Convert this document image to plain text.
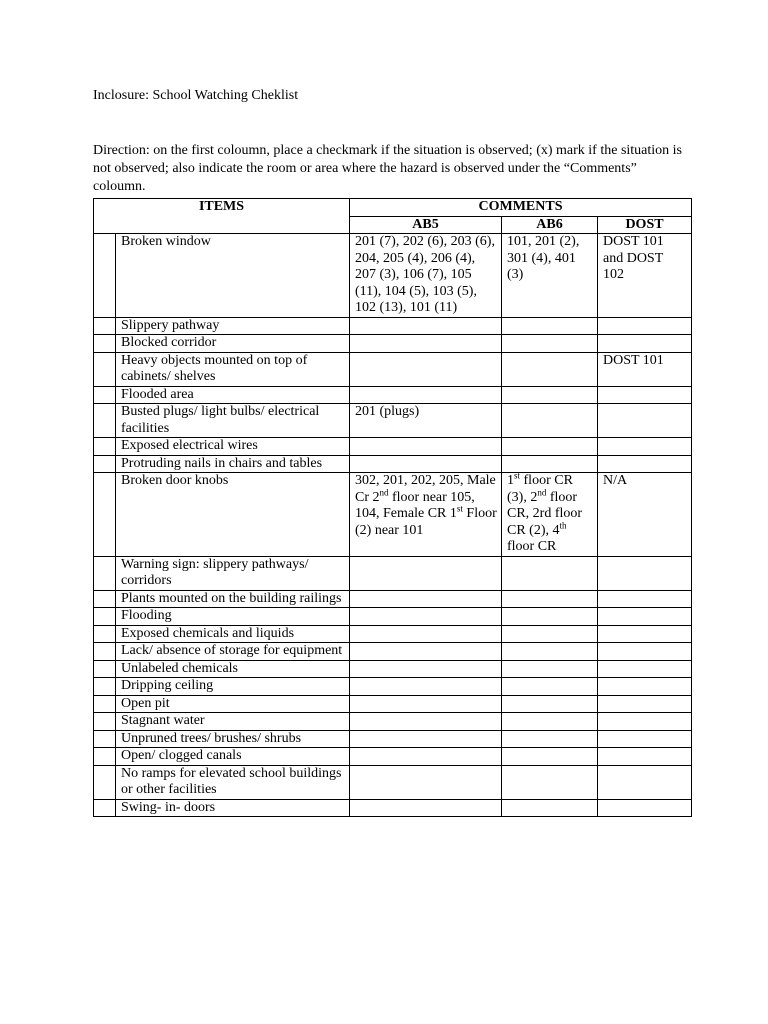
Inclosure: School Watching Cheklist

Direction: on the first coloumn, place a checkmark if the situation is observed; (x) mark if the situation is not observed; also indicate the room or area where the hazard is observed under the “Comments” coloumn.
ITEMS		COMMENTS		
		AB5	AB6	DOST
	Broken window	201 (7), 202 (6), 203 (6), 204, 205 (4), 206 (4), 207 (3), 106 (7), 105 (11), 104 (5), 103 (5), 102 (13), 101 (11)	101, 201 (2), 301 (4), 401 (3)	DOST 101 and DOST 102
	Slippery pathway			
	Blocked corridor			
	Heavy objects mounted on top of cabinets/ shelves			DOST 101
	Flooded area			
	Busted plugs/ light bulbs/ electrical facilities	201 (plugs)		
	Exposed electrical wires			
	Protruding nails in chairs and tables			
	Broken door knobs	302, 201, 202, 205, Male Cr 2nd floor near 105, 104, Female CR 1st Floor (2) near 101	1st floor CR (3), 2nd floor CR, 2rd floor CR (2), 4th floor CR	N/A
	Warning sign: slippery pathways/ corridors			
	Plants mounted on the building railings			
	Flooding			
	Exposed chemicals and liquids			
	Lack/ absence of storage for equipment			
	Unlabeled chemicals			
	Dripping ceiling			
	Open pit			
	Stagnant water			
	Unpruned trees/ brushes/ shrubs			
	Open/ clogged canals			
	No ramps for elevated school buildings or other facilities			
	Swing- in- doors			
